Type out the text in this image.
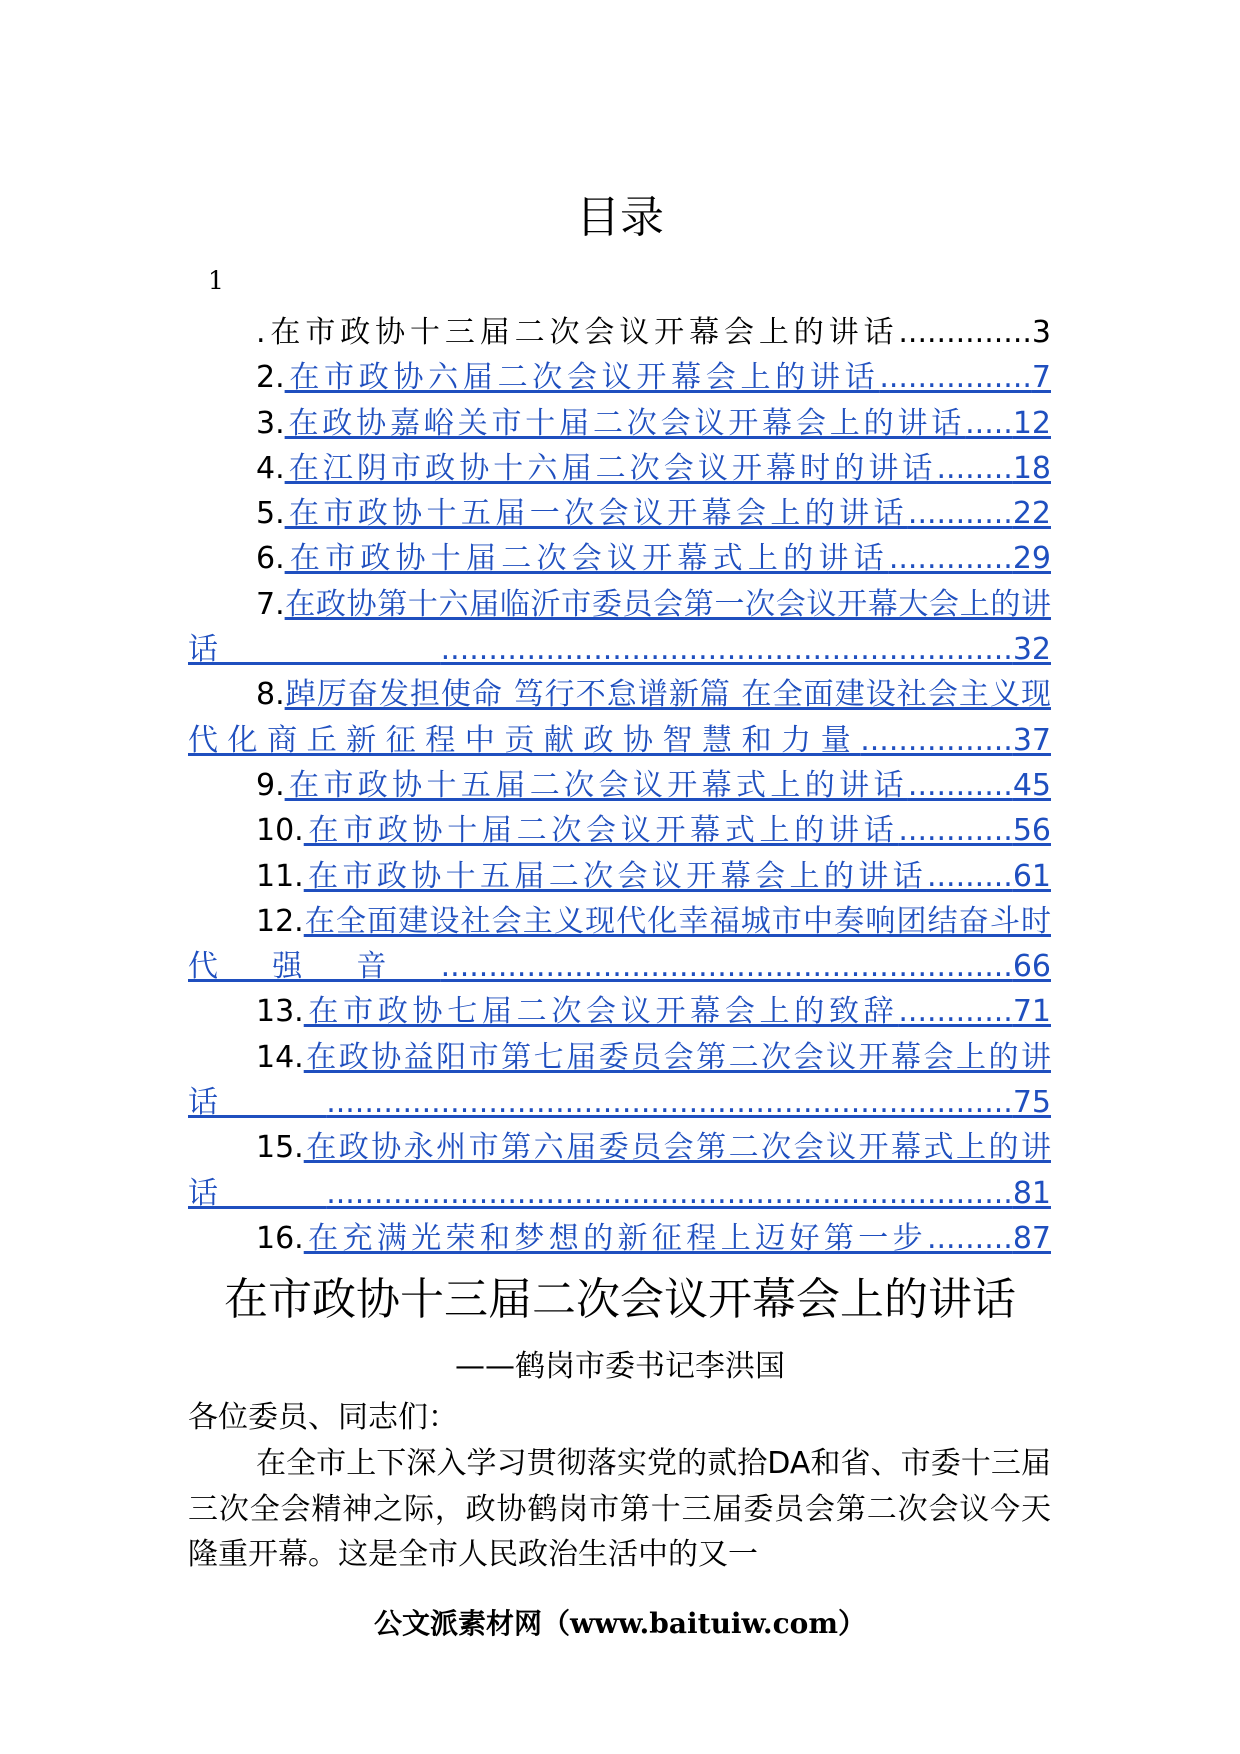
目录
1

.在市政协十三届二次会议开幕会上的讲话..............3

2.在市政协六届二次会议开幕会上的讲话................7

3.在政协嘉峪关市十届二次会议开幕会上的讲话.....12

4.在江阴市政协十六届二次会议开幕时的讲话........18

5.在市政协十五届一次会议开幕会上的讲话...........22

6.在市政协十届二次会议开幕式上的讲话.............29

7.在政协第十六届临沂市委员会第一次会议开幕大会上的讲话............................................................32

8.踔厉奋发担使命 笃行不怠谱新篇 在全面建设社会主义现代化商丘新征程中贡献政协智慧和力量................37

9.在市政协十五届二次会议开幕式上的讲话...........45

10.在市政协十届二次会议开幕式上的讲话............56

11.在市政协十五届二次会议开幕会上的讲话.........61

12.在全面建设社会主义现代化幸福城市中奏响团结奋斗时代强音............................................................66

13.在市政协七届二次会议开幕会上的致辞............71

14.在政协益阳市第七届委员会第二次会议开幕会上的讲话........................................................................75

15.在政协永州市第六届委员会第二次会议开幕式上的讲话........................................................................81

16.在充满光荣和梦想的新征程上迈好第一步.........87

在市政协十三届二次会议开幕会上的讲话
——鹤岗市委书记李洪国
各位委员、同志们：

在全市上下深入学习贯彻落实党的贰拾DA和省、市委十三届三次全会精神之际，政协鹤岗市第十三届委员会第二次会议今天隆重开幕。这是全市人民政治生活中的又一

公文派素材网（www.baituiw.com）
